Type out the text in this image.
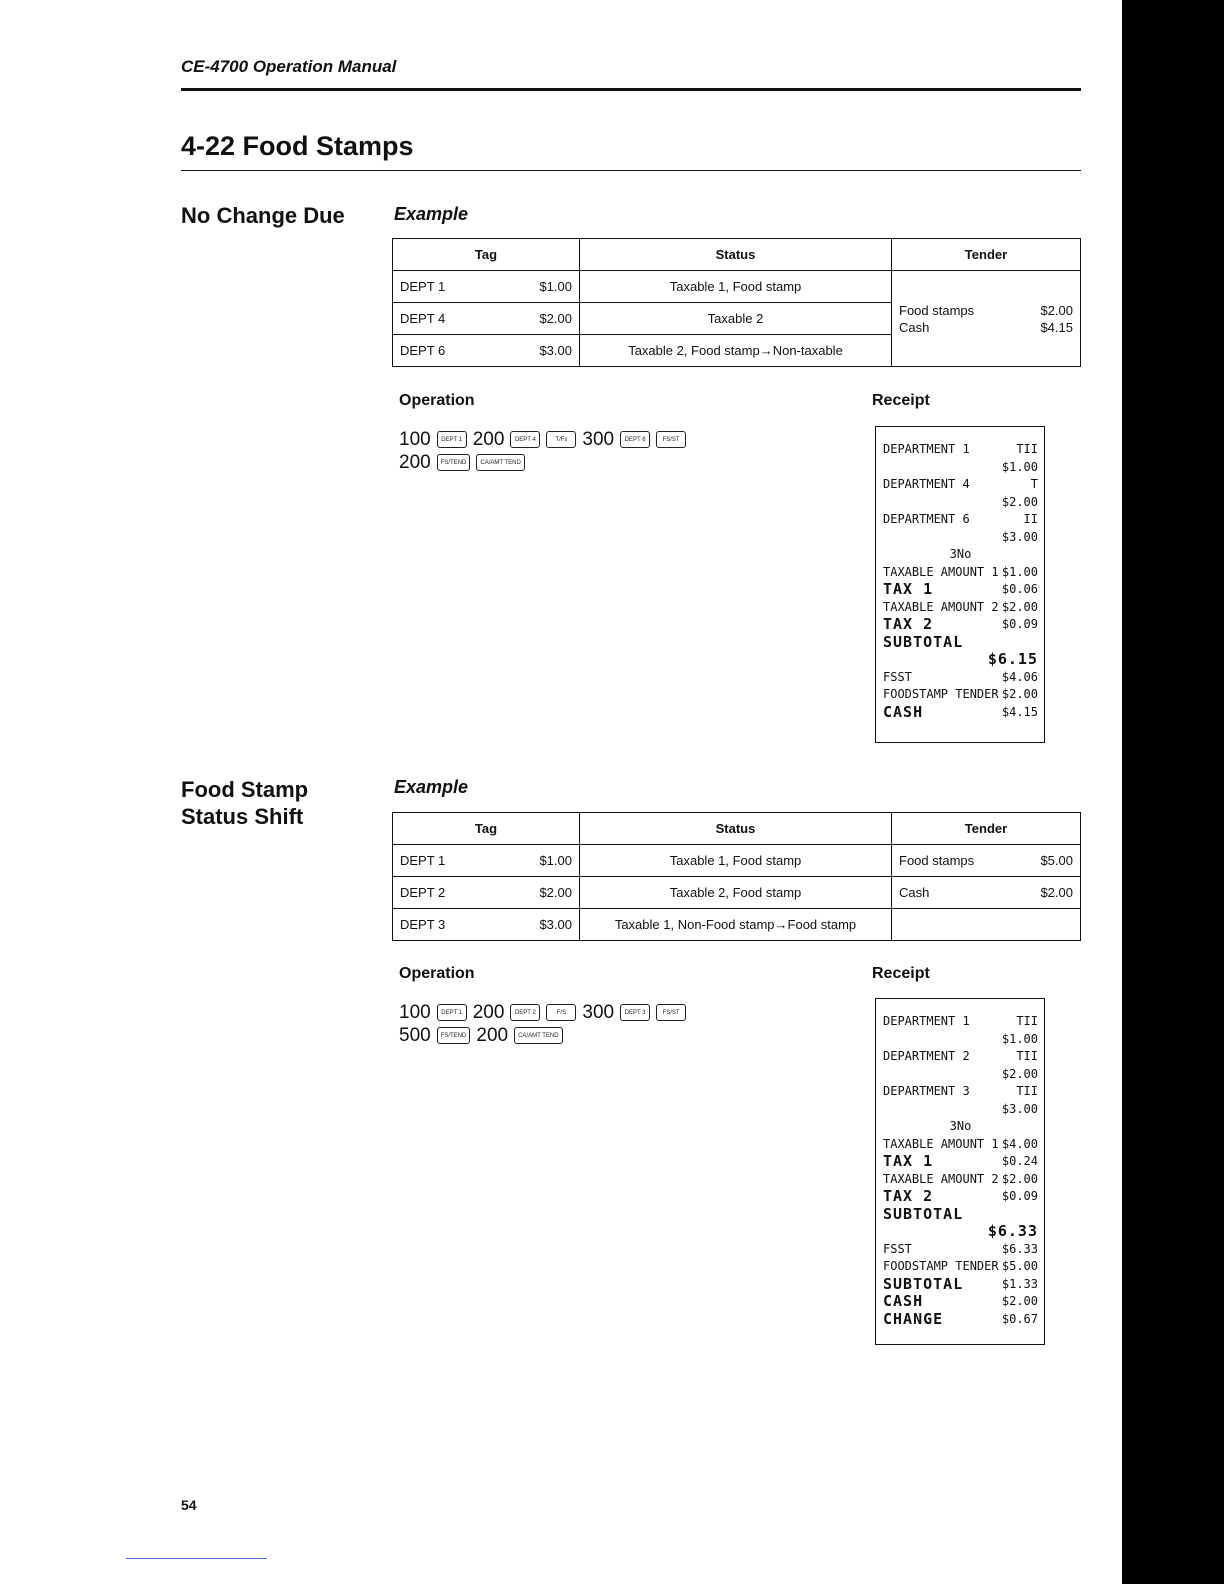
CE-4700 Operation Manual
4-22 Food Stamps
No Change Due	Example
Tag		Status	Tender
DEPT 1	$1.00	Taxable 1, Food stamp	Food stamps $2.00
Cash $4.15

DEPT 4	$2.00	Taxable 2	
DEPT 6	$3.00	Taxable 2, Food stamp→Non-taxable	
Operation	Receipt
100	DEPT 1 200	DEPT 4	T/Fs 300	DEPT 6	FS/ST
200	FS/TEND	CA/AMT TEND
DEPARTMENT 1	TII
$1.00
DEPARTMENT 4	T
$2.00
DEPARTMENT 6	II
$3.00
3No
TAXABLE AMOUNT 1 $1.00
TAX 1	$0.06
TAXABLE AMOUNT 2 $2.00
TAX 2	$0.09
SUBTOTAL
$6.15
FSST	$4.06
FOODSTAMP TENDER $2.00
CASH	$4.15
Food Stamp
Status Shift
Example
Tag		Status	Tender
DEPT 1	$1.00	Taxable 1, Food stamp	Food stamps $5.00

DEPT 2	$2.00	Taxable 2, Food stamp	Cash $2.00

DEPT 3	$3.00	Taxable 1, Non-Food stamp→Food stamp	
Operation	Receipt
100	DEPT 1 200	DEPT 2	F/S 300	DEPT 3	FS/ST
500	FS/TEND 200	CA/AMT TEND
DEPARTMENT 1	TII
$1.00
DEPARTMENT 2	TII
$2.00
DEPARTMENT 3	TII
$3.00
3No
TAXABLE AMOUNT 1 $4.00
TAX 1	$0.24
TAXABLE AMOUNT 2 $2.00
TAX 2	$0.09
SUBTOTAL
$6.33
FSST	$6.33
FOODSTAMP TENDER $5.00
SUBTOTAL	$1.33
CASH	$2.00
CHANGE	$0.67
54
